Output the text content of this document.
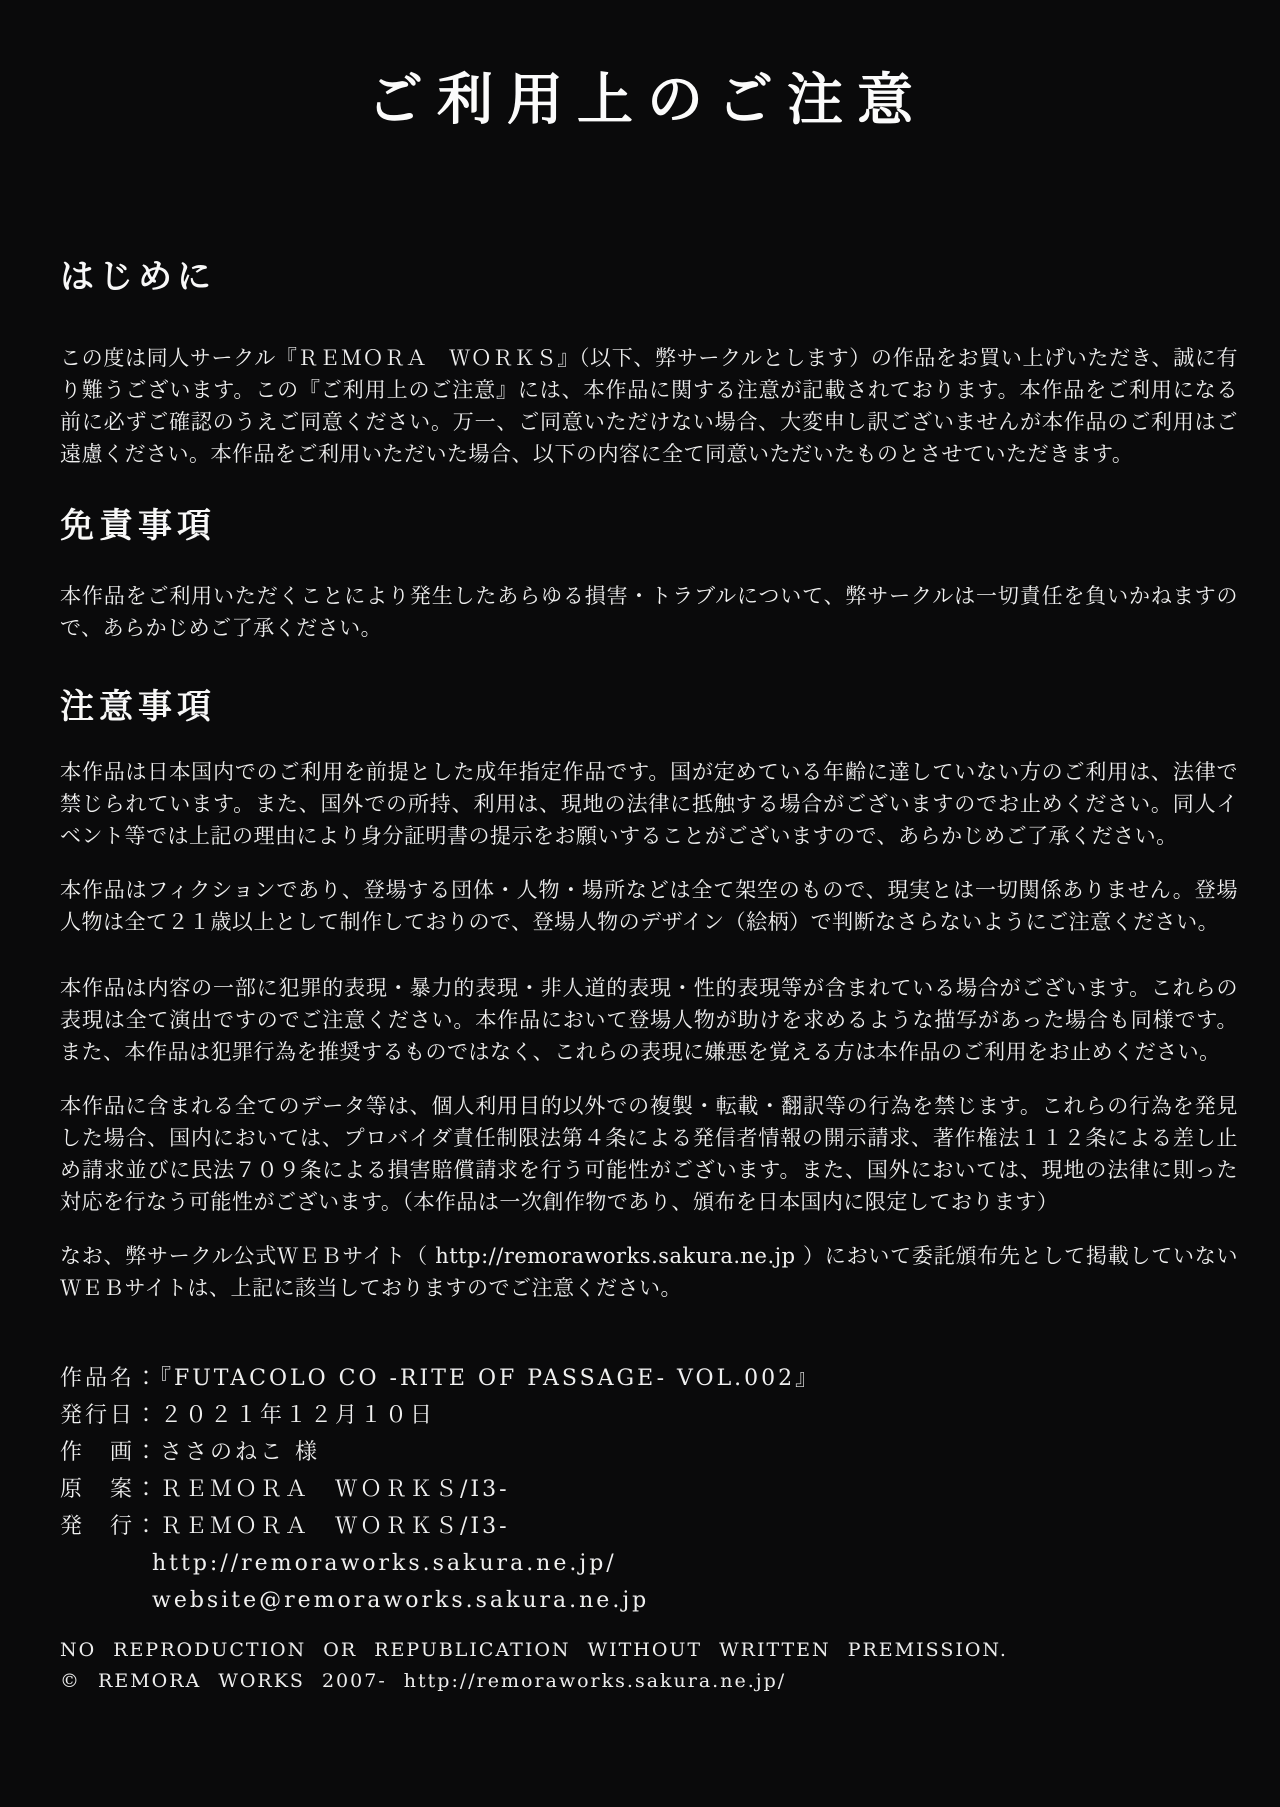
ご利用上のご注意
はじめに

この度は同人サークル『ＲＥＭＯＲＡ　ＷＯＲＫＳ』（以下、弊サークルとします）の作品をお買い上げいただき、誠に有り難うございます。この『ご利用上のご注意』には、本作品に関する注意が記載されております。本作品をご利用になる前に必ずご確認のうえご同意ください。万一、ご同意いただけない場合、大変申し訳ございませんが本作品のご利用はご遠慮ください。本作品をご利用いただいた場合、以下の内容に全て同意いただいたものとさせていただきます。

免責事項

本作品をご利用いただくことにより発生したあらゆる損害・トラブルについて、弊サークルは一切責任を負いかねますので、あらかじめご了承ください。

注意事項

本作品は日本国内でのご利用を前提とした成年指定作品です。国が定めている年齢に達していない方のご利用は、法律で禁じられています。また、国外での所持、利用は、現地の法律に抵触する場合がございますのでお止めください。同人イベント等では上記の理由により身分証明書の提示をお願いすることがございますので、あらかじめご了承ください。

本作品はフィクションであり、登場する団体・人物・場所などは全て架空のもので、現実とは一切関係ありません。登場人物は全て２１歳以上として制作しておりので、登場人物のデザイン（絵柄）で判断なさらないようにご注意ください。

本作品は内容の一部に犯罪的表現・暴力的表現・非人道的表現・性的表現等が含まれている場合がございます。これらの表現は全て演出ですのでご注意ください。本作品において登場人物が助けを求めるような描写があった場合も同様です。また、本作品は犯罪行為を推奨するものではなく、これらの表現に嫌悪を覚える方は本作品のご利用をお止めください。

本作品に含まれる全てのデータ等は、個人利用目的以外での複製・転載・翻訳等の行為を禁じます。これらの行為を発見した場合、国内においては、プロバイダ責任制限法第４条による発信者情報の開示請求、著作権法１１２条による差し止め請求並びに民法７０９条による損害賠償請求を行う可能性がございます。また、国外においては、現地の法律に則った対応を行なう可能性がございます。（本作品は一次創作物であり、頒布を日本国内に限定しております）

なお、弊サークル公式ＷＥＢサイト（ http://remoraworks.sakura.ne.jp ）において委託頒布先として掲載していないＷＥＢサイトは、上記に該当しておりますのでご注意ください。

作品名：『FUTACOLO CO -RITE OF PASSAGE- VOL.002』
発行日：２０２１年１２月１０日
作　画：ささのねこ 様
原　案：ＲＥＭＯＲＡ　ＷＯＲＫＳ/I3-
発　行：ＲＥＭＯＲＡ　ＷＯＲＫＳ/I3-
http://remoraworks.sakura.ne.jp/
website@remoraworks.sakura.ne.jp
NO REPRODUCTION OR REPUBLICATION WITHOUT WRITTEN PREMISSION.
© REMORA WORKS 2007- http://remoraworks.sakura.ne.jp/
